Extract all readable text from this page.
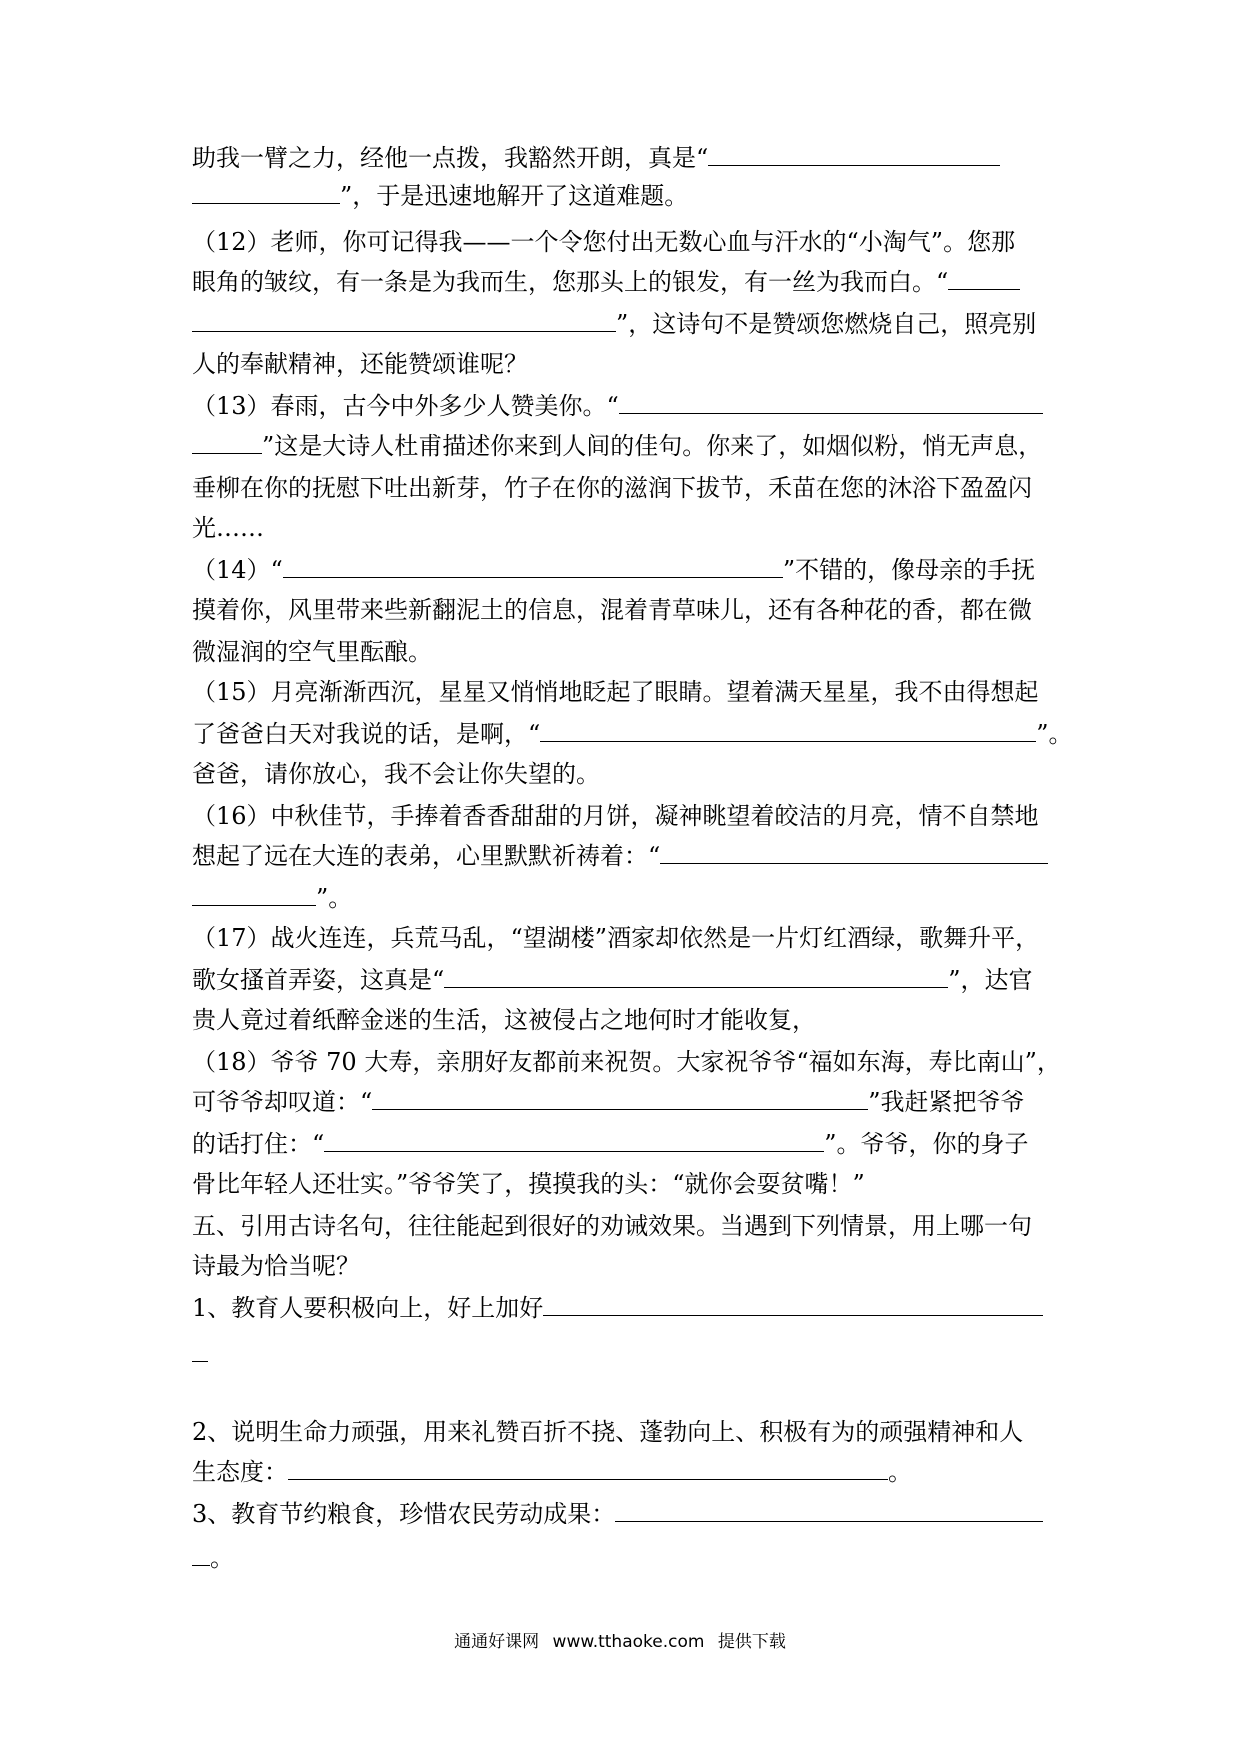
助我一臂之力，经他一点拨，我豁然开朗，真是“
”，于是迅速地解开了这道难题。
（12）老师，你可记得我——一个令您付出无数心血与汗水的“小淘气”。您那
眼角的皱纹，有一条是为我而生，您那头上的银发，有一丝为我而白。“
”，这诗句不是赞颂您燃烧自己，照亮别
人的奉献精神，还能赞颂谁呢？
（13）春雨，古今中外多少人赞美你。“
”这是大诗人杜甫描述你来到人间的佳句。你来了，如烟似粉，悄无声息，
垂柳在你的抚慰下吐出新芽，竹子在你的滋润下拔节，禾苗在您的沐浴下盈盈闪
光……
（14）“	”不错的，像母亲的手抚
摸着你，风里带来些新翻泥土的信息，混着青草味儿，还有各种花的香，都在微
微湿润的空气里酝酿。
（15）月亮渐渐西沉，星星又悄悄地眨起了眼睛。望着满天星星，我不由得想起
了爸爸白天对我说的话，是啊，“	”。
爸爸，请你放心，我不会让你失望的。
（16）中秋佳节，手捧着香香甜甜的月饼，凝神眺望着皎洁的月亮，情不自禁地
想起了远在大连的表弟，心里默默祈祷着：“
”。
（17）战火连连，兵荒马乱，“望湖楼”酒家却依然是一片灯红酒绿，歌舞升平，
歌女搔首弄姿，这真是“	”，达官
贵人竟过着纸醉金迷的生活，这被侵占之地何时才能收复，
（18）爷爷 70 大寿，亲朋好友都前来祝贺。大家祝爷爷“福如东海，寿比南山”，
可爷爷却叹道：“	”我赶紧把爷爷
的话打住：“	”。爷爷，你的身子
骨比年轻人还壮实。”爷爷笑了，摸摸我的头：“就你会耍贫嘴！”
五、引用古诗名句，往往能起到很好的劝诫效果。当遇到下列情景，用上哪一句
诗最为恰当呢？
1、教育人要积极向上，好上加好
2、说明生命力顽强，用来礼赞百折不挠、蓬勃向上、积极有为的顽强精神和人
生态度：	。
3、教育节约粮食，珍惜农民劳动成果：
。
通通好课网 www.tthaoke.com 提供下载
